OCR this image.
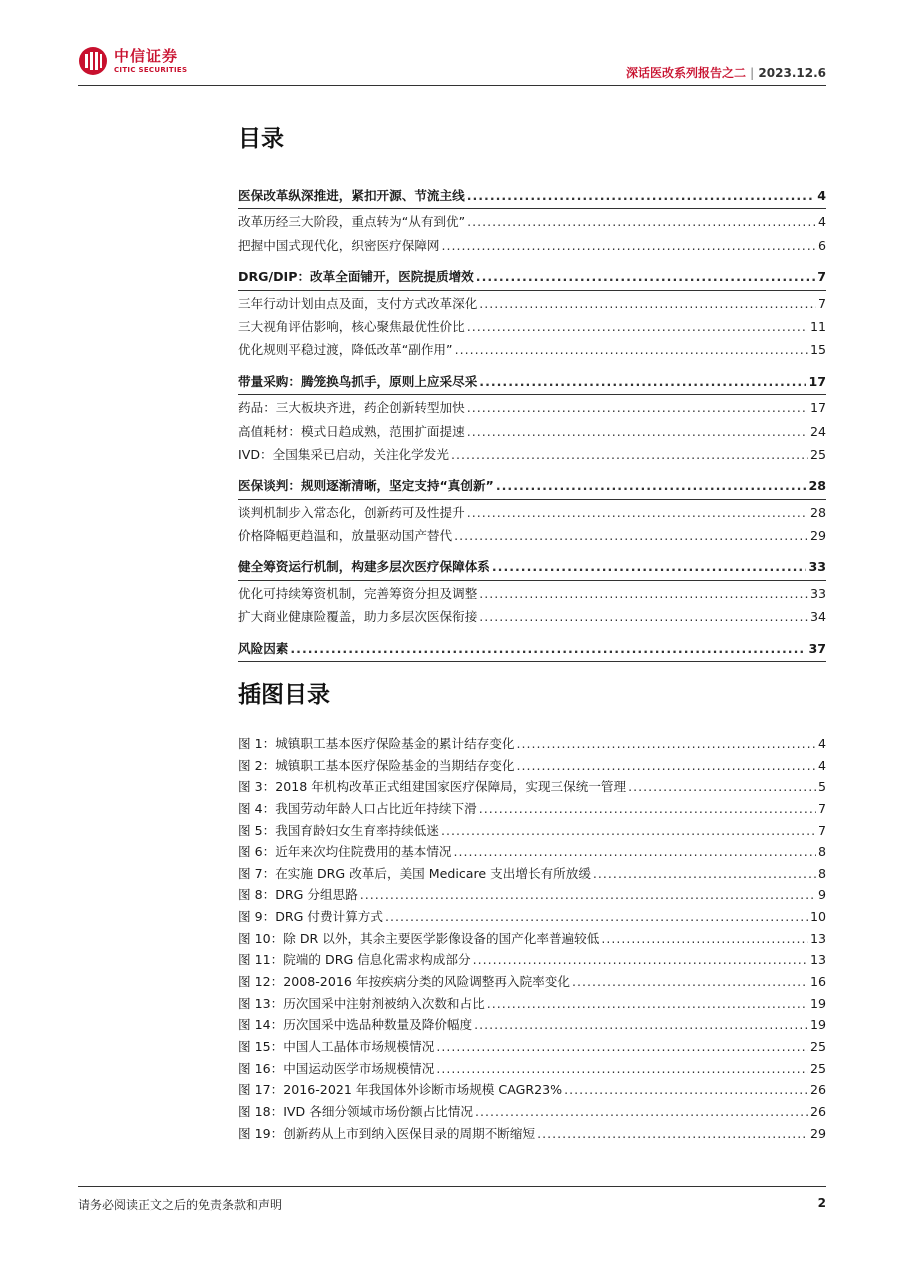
中信证券
CITIC SECURITIES	深话医改系列报告之二 | 2023.12.6
目录
医保改革纵深推进，紧扣开源、节流主线 .....	4
改革历经三大阶段，重点转为“从有到优” .....	4
把握中国式现代化，织密医疗保障网 .....	6
DRG/DIP：改革全面铺开，医院提质增效 .....	7
三年行动计划由点及面，支付方式改革深化 .....	7
三大视角评估影响，核心聚焦最优性价比 .....	11
优化规则平稳过渡，降低改革“副作用” .....	15
带量采购：腾笼换鸟抓手，原则上应采尽采 .....	17
药品：三大板块齐进，药企创新转型加快 .....	17
高值耗材：模式日趋成熟，范围扩面提速 .....	24
IVD：全国集采已启动，关注化学发光 .....	25
医保谈判：规则逐渐清晰，坚定支持“真创新” .....	28
谈判机制步入常态化，创新药可及性提升 .....	28
价格降幅更趋温和，放量驱动国产替代 .....	29
健全筹资运行机制，构建多层次医疗保障体系 .....	33
优化可持续筹资机制，完善筹资分担及调整 .....	33
扩大商业健康险覆盖，助力多层次医保衔接 .....	34
风险因素 .....	37
插图目录
图 1：城镇职工基本医疗保险基金的累计结存变化 .....	4
图 2：城镇职工基本医疗保险基金的当期结存变化 .....	4
图 3：2018 年机构改革正式组建国家医疗保障局，实现三保统一管理 .....	5
图 4：我国劳动年龄人口占比近年持续下滑 .....	7
图 5：我国育龄妇女生育率持续低迷 .....	7
图 6：近年来次均住院费用的基本情况 .....	8
图 7：在实施 DRG 改革后，美国 Medicare 支出增长有所放缓 .....	8
图 8：DRG 分组思路 .....	9
图 9：DRG 付费计算方式 .....	10
图 10：除 DR 以外，其余主要医学影像设备的国产化率普遍较低 .....	13
图 11：院端的 DRG 信息化需求构成部分 .....	13
图 12：2008-2016 年按疾病分类的风险调整再入院率变化 .....	16
图 13：历次国采中注射剂被纳入次数和占比 .....	19
图 14：历次国采中选品种数量及降价幅度 .....	19
图 15：中国人工晶体市场规模情况 .....	25
图 16：中国运动医学市场规模情况 .....	25
图 17：2016-2021 年我国体外诊断市场规模 CAGR23% .....	26
图 18：IVD 各细分领域市场份额占比情况 .....	26
图 19：创新药从上市到纳入医保目录的周期不断缩短 .....	29
请务必阅读正文之后的免责条款和声明	2
